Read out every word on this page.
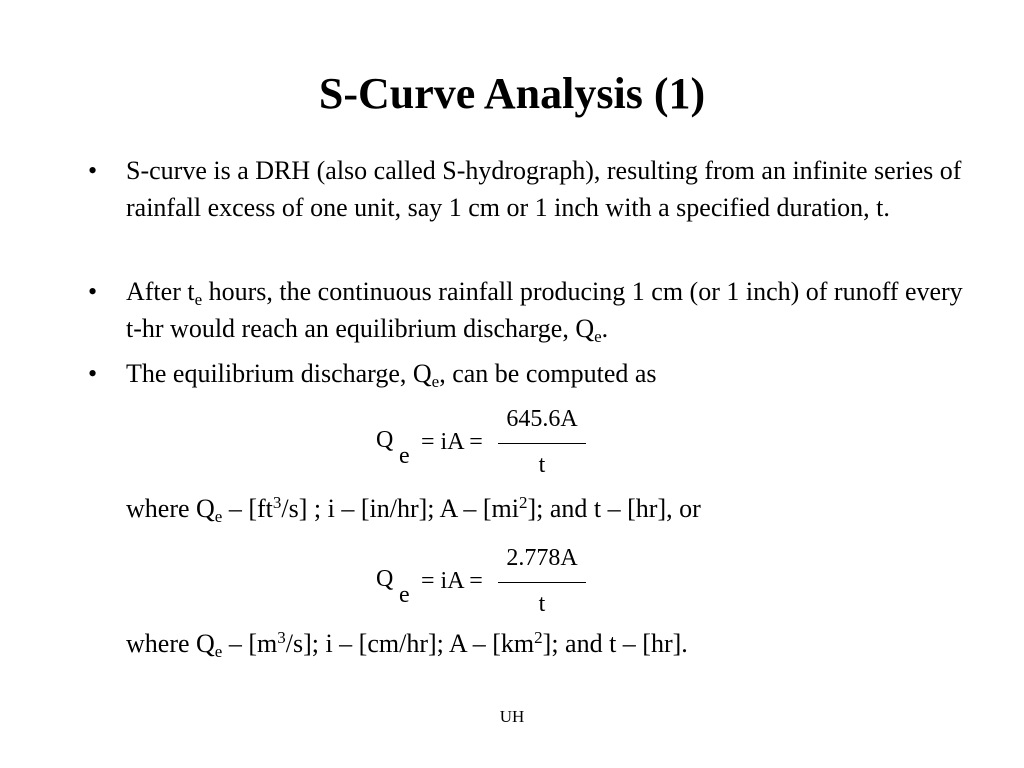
S-Curve Analysis (1)
• S-curve is a DRH (also called S-hydrograph), resulting from an infinite series of rainfall excess of one unit, say 1 cm or 1 inch with a specified duration, t.
• After $t_e$ hours, the continuous rainfall producing 1 cm (or 1 inch) of runoff every t-hr would reach an equilibrium discharge, $Q_e$.
• The equilibrium discharge, $Q_e$, can be computed as
Q
e
= iA =
645.6A
t
where $Q_e - [ft^3/s]$ ; i – [in/hr]; A – $[mi^2]$; and t – [hr], or
Q
e
= iA =
2.778A
t
where $Q_e - [m^3/s]$; i – [cm/hr]; A – $[km^2]$; and t – [hr].
UH
